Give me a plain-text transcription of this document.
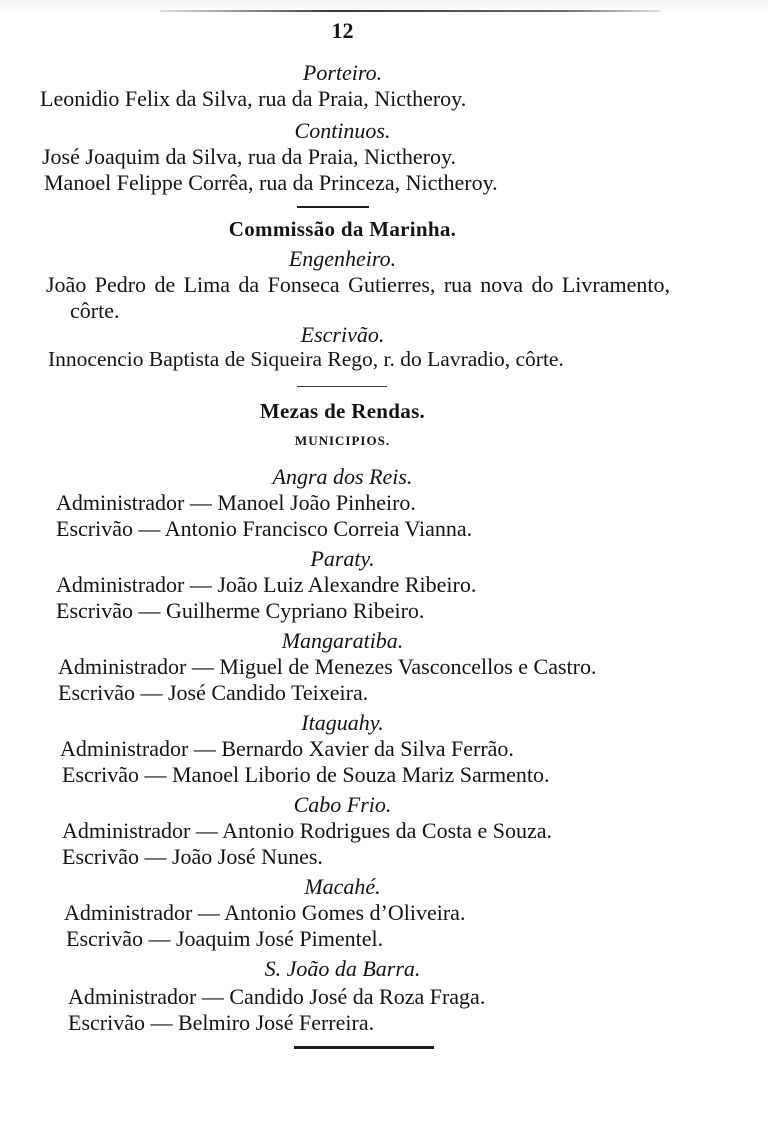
12
Porteiro.
Leonidio Felix da Silva, rua da Praia, Nictheroy.
Continuos.
José Joaquim da Silva, rua da Praia, Nictheroy.
Manoel Felippe Corrêa, rua da Princeza, Nictheroy.
Commissão da Marinha.
Engenheiro.
João Pedro de Lima da Fonseca Gutierres, rua nova do Livramento, côrte.
Escrivão.
Innocencio Baptista de Siqueira Rego, r. do Lavradio, côrte.
Mezas de Rendas.
MUNICIPIOS.
Angra dos Reis.
Administrador — Manoel João Pinheiro.
Escrivão — Antonio Francisco Correia Vianna.
Paraty.
Administrador — João Luiz Alexandre Ribeiro.
Escrivão — Guilherme Cypriano Ribeiro.
Mangaratiba.
Administrador — Miguel de Menezes Vasconcellos e Castro.
Escrivão — José Candido Teixeira.
Itaguahy.
Administrador — Bernardo Xavier da Silva Ferrão.
Escrivão — Manoel Liborio de Souza Mariz Sarmento.
Cabo Frio.
Administrador — Antonio Rodrigues da Costa e Souza.
Escrivão — João José Nunes.
Macahé.
Administrador — Antonio Gomes d’Oliveira.
Escrivão — Joaquim José Pimentel.
S. João da Barra.
Administrador — Candido José da Roza Fraga.
Escrivão — Belmiro José Ferreira.
